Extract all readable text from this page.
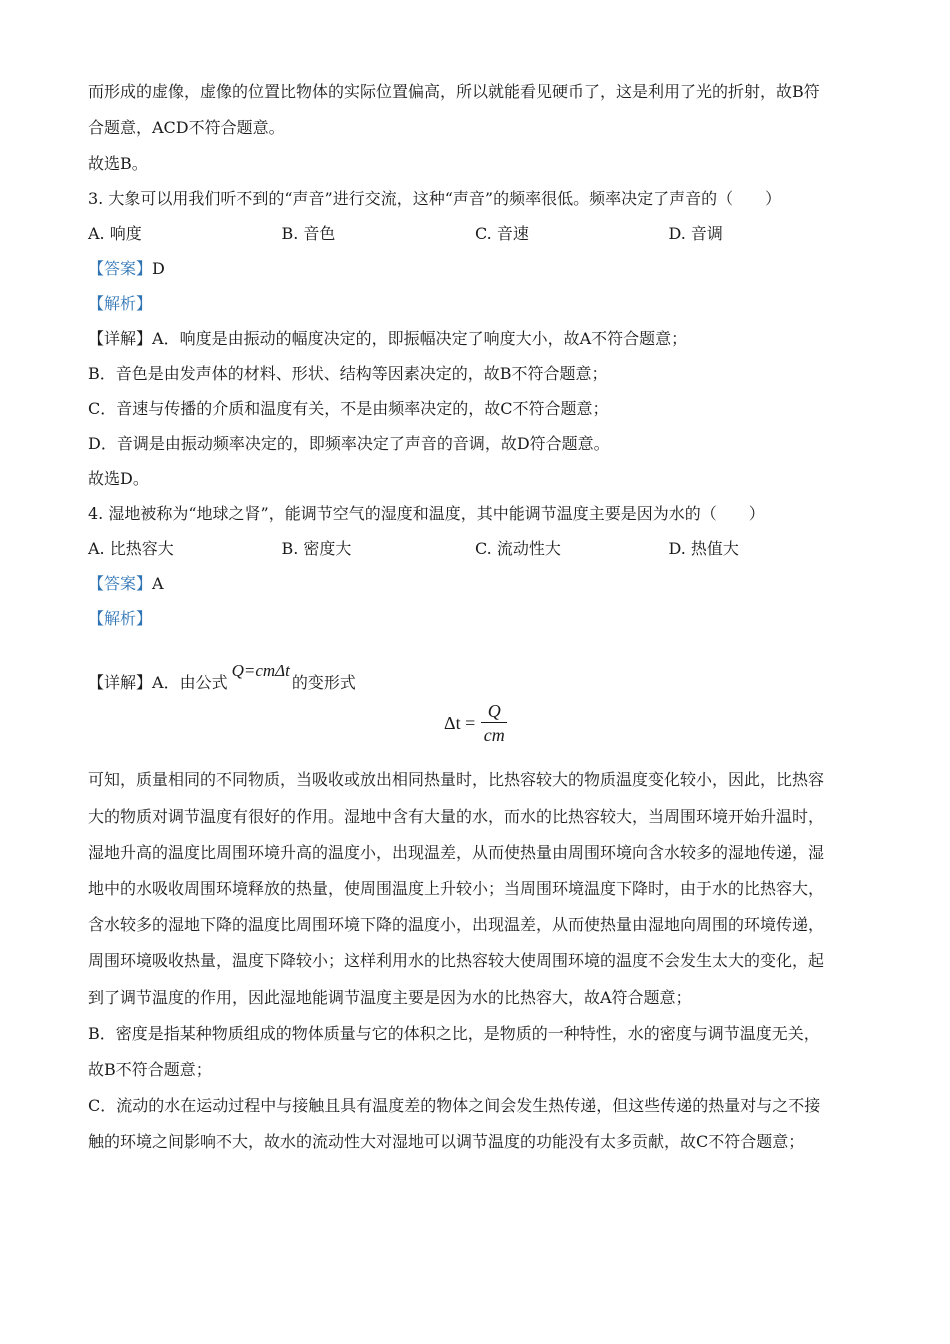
而形成的虚像，虚像的位置比物体的实际位置偏高，所以就能看见硬币了，这是利用了光的折射，故B符
合题意，ACD不符合题意。
故选B。
3. 大象可以用我们听不到的“声音”进行交流，这种“声音”的频率很低。频率决定了声音的（　　）
A. 响度	B. 音色	C. 音速	D. 音调
【答案】D
【解析】
【详解】A．响度是由振动的幅度决定的，即振幅决定了响度大小，故A不符合题意；
B．音色是由发声体的材料、形状、结构等因素决定的，故B不符合题意；
C．音速与传播的介质和温度有关，不是由频率决定的，故C不符合题意；
D．音调是由振动频率决定的，即频率决定了声音的音调，故D符合题意。
故选D。
4. 湿地被称为“地球之肾”，能调节空气的湿度和温度，其中能调节温度主要是因为水的（　　）
A. 比热容大	B. 密度大	C. 流动性大	D. 热值大
【答案】A
【解析】
【详解】A．由公式Q=cmΔt的变形式
$\Delta t = \frac{Q}{cm}$
可知，质量相同的不同物质，当吸收或放出相同热量时，比热容较大的物质温度变化较小，因此，比热容
大的物质对调节温度有很好的作用。湿地中含有大量的水，而水的比热容较大，当周围环境开始升温时，
湿地升高的温度比周围环境升高的温度小，出现温差，从而使热量由周围环境向含水较多的湿地传递，湿
地中的水吸收周围环境释放的热量，使周围温度上升较小；当周围环境温度下降时，由于水的比热容大，
含水较多的湿地下降的温度比周围环境下降的温度小，出现温差，从而使热量由湿地向周围的环境传递，
周围环境吸收热量，温度下降较小；这样利用水的比热容较大使周围环境的温度不会发生太大的变化，起
到了调节温度的作用，因此湿地能调节温度主要是因为水的比热容大，故A符合题意；
B．密度是指某种物质组成的物体质量与它的体积之比，是物质的一种特性，水的密度与调节温度无关，
故B不符合题意；
C．流动的水在运动过程中与接触且具有温度差的物体之间会发生热传递，但这些传递的热量对与之不接
触的环境之间影响不大，故水的流动性大对湿地可以调节温度的功能没有太多贡献，故C不符合题意；
